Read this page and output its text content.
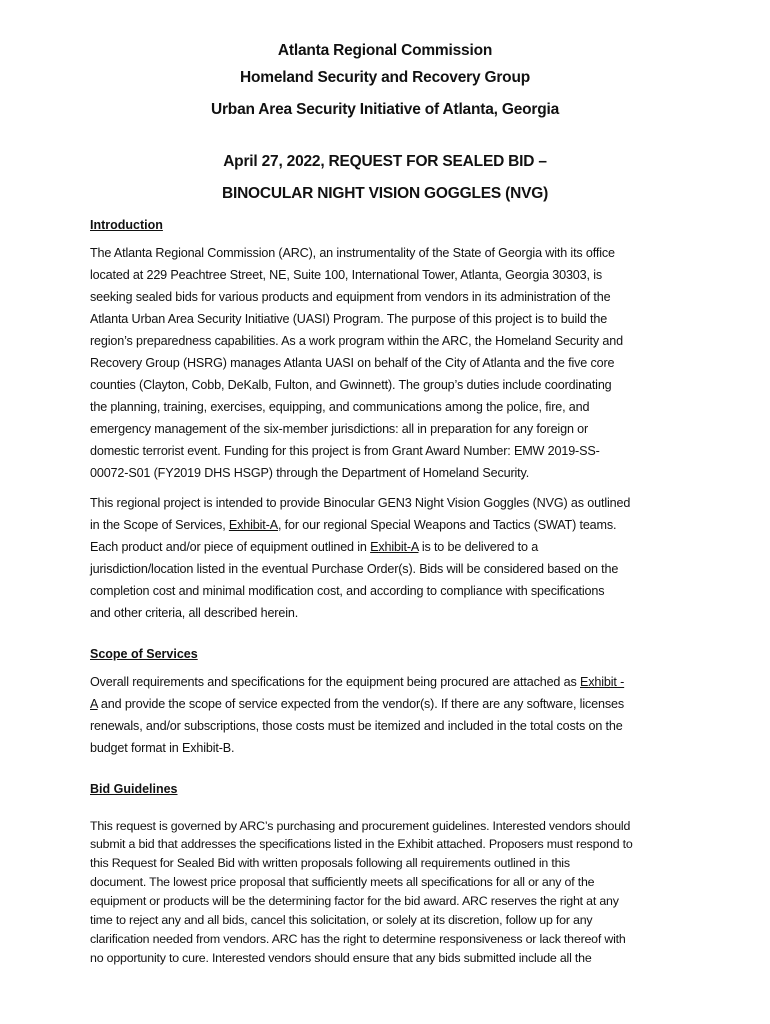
Atlanta Regional Commission
Homeland Security and Recovery Group
Urban Area Security Initiative of Atlanta, Georgia
April 27, 2022, REQUEST FOR SEALED BID –
BINOCULAR NIGHT VISION GOGGLES (NVG)
Introduction
The Atlanta Regional Commission (ARC), an instrumentality of the State of Georgia with its office
located at 229 Peachtree Street, NE, Suite 100, International Tower, Atlanta, Georgia 30303, is
seeking sealed bids for various products and equipment from vendors in its administration of the
Atlanta Urban Area Security Initiative (UASI) Program. The purpose of this project is to build the
region’s preparedness capabilities. As a work program within the ARC, the Homeland Security and
Recovery Group (HSRG) manages Atlanta UASI on behalf of the City of Atlanta and the five core
counties (Clayton, Cobb, DeKalb, Fulton, and Gwinnett). The group’s duties include coordinating
the planning, training, exercises, equipping, and communications among the police, fire, and
emergency management of the six-member jurisdictions: all in preparation for any foreign or
domestic terrorist event. Funding for this project is from Grant Award Number: EMW 2019-SS-
00072-S01 (FY2019 DHS HSGP) through the Department of Homeland Security.
This regional project is intended to provide Binocular GEN3 Night Vision Goggles (NVG) as outlined
in the Scope of Services, Exhibit-A, for our regional Special Weapons and Tactics (SWAT) teams.
Each product and/or piece of equipment outlined in Exhibit-A is to be delivered to a
jurisdiction/location listed in the eventual Purchase Order(s). Bids will be considered based on the
completion cost and minimal modification cost, and according to compliance with specifications
and other criteria, all described herein.
Scope of Services
Overall requirements and specifications for the equipment being procured are attached as Exhibit -
A and provide the scope of service expected from the vendor(s). If there are any software, licenses
renewals, and/or subscriptions, those costs must be itemized and included in the total costs on the
budget format in Exhibit-B.
Bid Guidelines
This request is governed by ARC’s purchasing and procurement guidelines. Interested vendors should
submit a bid that addresses the specifications listed in the Exhibit attached. Proposers must respond to
this Request for Sealed Bid with written proposals following all requirements outlined in this
document. The lowest price proposal that sufficiently meets all specifications for all or any of the
equipment or products will be the determining factor for the bid award. ARC reserves the right at any
time to reject any and all bids, cancel this solicitation, or solely at its discretion, follow up for any
clarification needed from vendors. ARC has the right to determine responsiveness or lack thereof with
no opportunity to cure. Interested vendors should ensure that any bids submitted include all the
